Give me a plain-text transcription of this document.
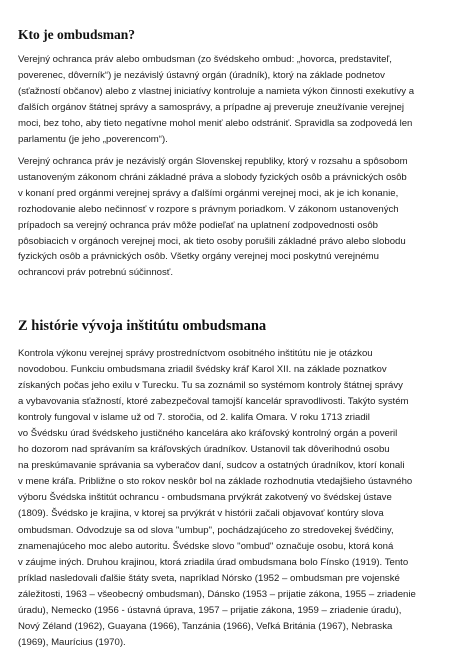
Kto je ombudsman?

Verejný ochranca práv alebo ombudsman (zo švédskeho ombud: „hovorca, predstaviteľ,
poverenec, dôverník“) je nezávislý ústavný orgán (úradník), ktorý na základe podnetov
(sťažností občanov) alebo z vlastnej iniciatívy kontroluje a namieta výkon činnosti exekutívy a
ďalších orgánov štátnej správy a samosprávy, a prípadne aj preveruje zneužívanie verejnej
moci, bez toho, aby tieto negatívne mohol meniť alebo odstrániť. Spravidla sa zodpovedá len
parlamentu (je jeho „poverencom“).

Verejný ochranca práv je nezávislý orgán Slovenskej republiky, ktorý v rozsahu a spôsobom
ustanoveným zákonom chráni základné práva a slobody fyzických osôb a právnických osôb
v konaní pred orgánmi verejnej správy a ďalšími orgánmi verejnej moci, ak je ich konanie,
rozhodovanie alebo nečinnosť v rozpore s právnym poriadkom. V zákonom ustanovených
prípadoch sa verejný ochranca práv môže podieľať na uplatnení zodpovednosti osôb
pôsobiacich v orgánoch verejnej moci, ak tieto osoby porušili základné právo alebo slobodu
fyzických osôb a právnických osôb. Všetky orgány verejnej moci poskytnú verejnému
ochrancovi práv potrebnú súčinnosť.

Z histórie vývoja inštitútu ombudsmana

Kontrola výkonu verejnej správy prostredníctvom osobitného inštitútu nie je otázkou
novodobou. Funkciu ombudsmana zriadil švédsky kráľ Karol XII. na základe poznatkov
získaných počas jeho exilu v Turecku. Tu sa zoznámil so systémom kontroly štátnej správy
a vybavovania sťažností, ktoré zabezpečoval tamojší kancelár spravodlivosti. Takýto systém
kontroly fungoval v islame už od 7. storočia, od 2. kalifa Omara. V roku 1713 zriadil
vo Švédsku úrad švédskeho justičného kancelára ako kráľovský kontrolný orgán a poveril
ho dozorom nad správaním sa kráľovských úradníkov. Ustanovil tak dôverihodnú osobu
na preskúmavanie správania sa vyberačov daní, sudcov a ostatných úradníkov, ktorí konali
v mene kráľa. Približne o sto rokov neskôr bol na základe rozhodnutia vtedajšieho ústavného
výboru Švédska inštitút ochrancu - ombudsmana prvýkrát zakotvený vo švédskej ústave
(1809). Švédsko je krajina, v ktorej sa prvýkrát v histórii začali objavovať kontúry slova
ombudsman. Odvodzuje sa od slova "umbup", pochádzajúceho zo stredovekej švédčiny,
znamenajúceho moc alebo autoritu. Švédske slovo "ombud" označuje osobu, ktorá koná
v záujme iných. Druhou krajinou, ktorá zriadila úrad ombudsmana bolo Fínsko (1919). Tento
príklad nasledovali ďalšie štáty sveta, napríklad Nórsko (1952 – ombudsman pre vojenské
záležitosti, 1963 – všeobecný ombudsman), Dánsko (1953 – prijatie zákona, 1955 – zriadenie
úradu), Nemecko (1956 - ústavná úprava, 1957 – prijatie zákona, 1959 – zriadenie úradu),
Nový Zéland (1962), Guayana (1966), Tanzánia (1966), Veľká Británia (1967), Nebraska
(1969), Maurícius (1970).
